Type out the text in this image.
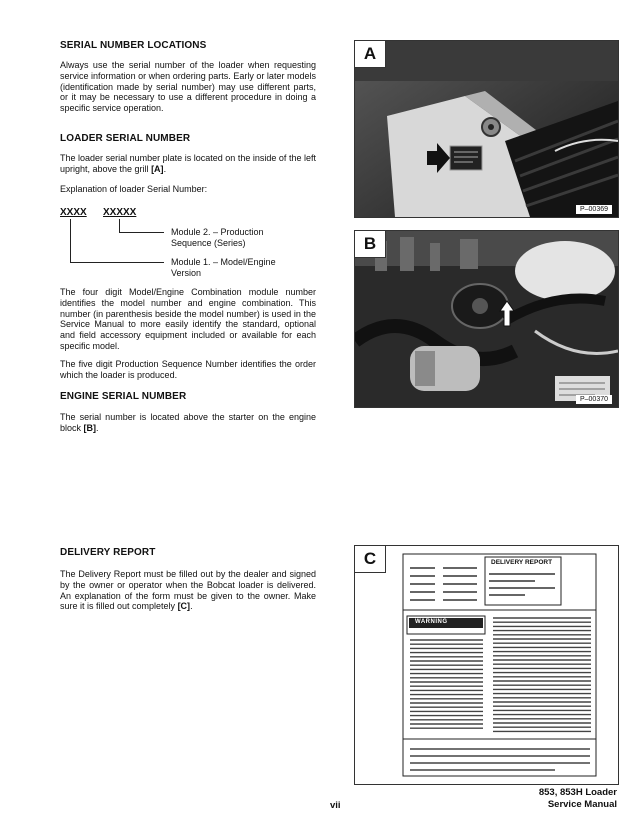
SERIAL NUMBER LOCATIONS
Always use the serial number of the loader when requesting service information or when ordering parts. Early or later models (identification made by serial number) may use different parts, or it may be necessary to use a different procedure in doing a specific service operation.
LOADER SERIAL NUMBER
The loader serial number plate is located on the inside of the left upright, above the grill [A].
Explanation of loader Serial Number:
XXXX XXXXX
Module 2. – Production
Sequence (Series)
Module 1. – Model/Engine
Version
The four digit Model/Engine Combination module number identifies the model number and engine combination. This number (in parenthesis beside the model number) is used in the Service Manual to more easily identify the standard, optional and field accessory equipment included or available for each specific model.
The five digit Production Sequence Number identifies the order which the loader is produced.
ENGINE SERIAL NUMBER
The serial number is located above the starter on the engine block [B].
DELIVERY REPORT
The Delivery Report must be filled out by the dealer and signed by the owner or operator when the Bobcat loader is delivered. An explanation of the form must be given to the owner. Make sure it is filled out completely [C].
A
P–00369
B
P–00370
C	DELIVERY REPORT
WARNING
vii
853, 853H Loader
Service Manual
